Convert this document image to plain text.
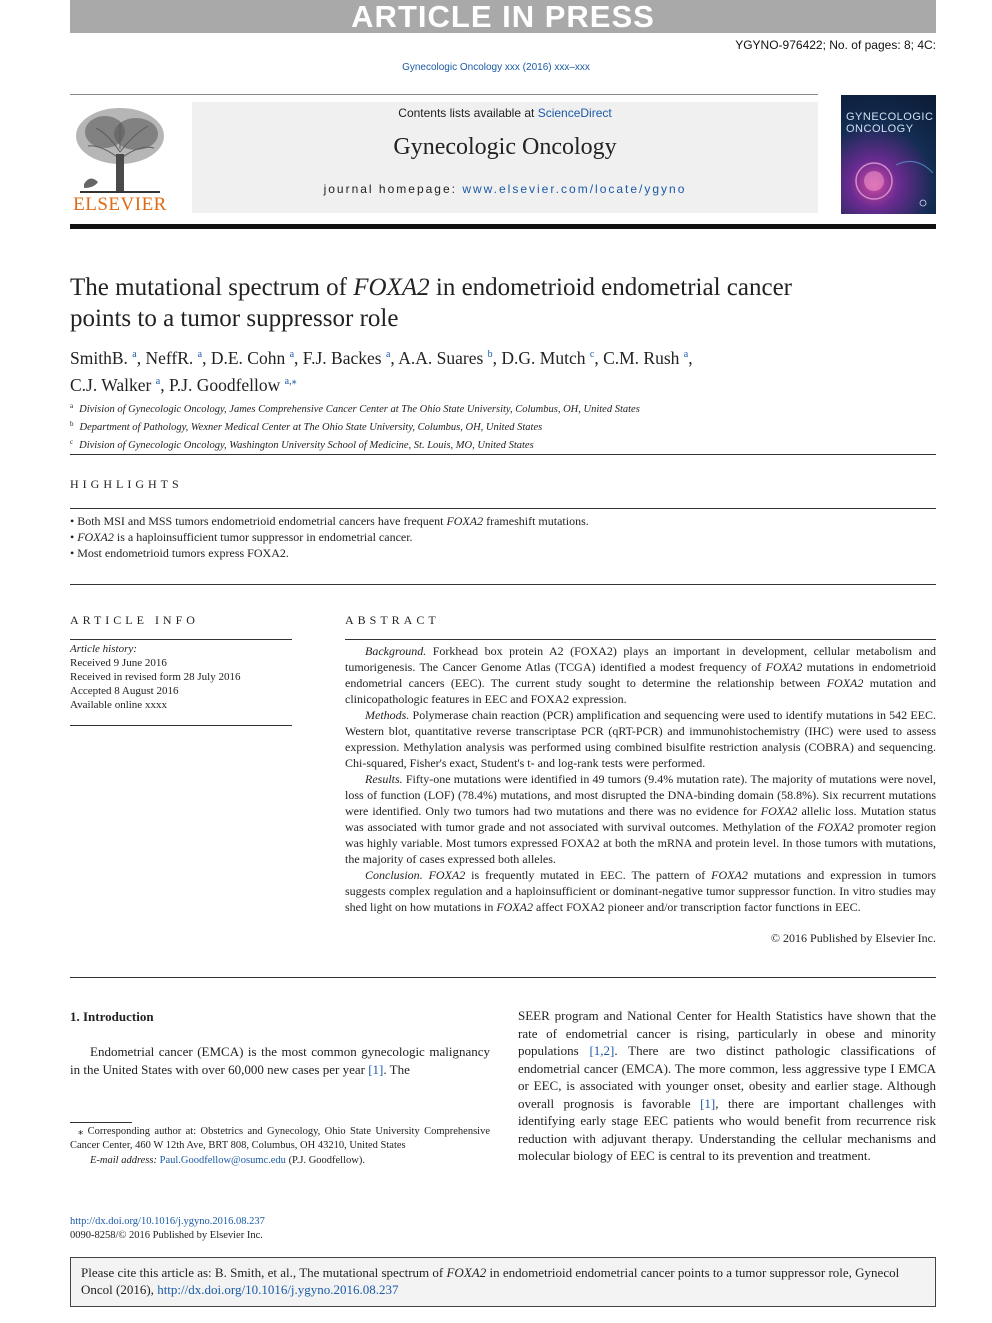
ARTICLE IN PRESS
YGYNO-976422; No. of pages: 8; 4C:
Gynecologic Oncology xxx (2016) xxx–xxx
ELSEVIER
Contents lists available at ScienceDirect
Gynecologic Oncology
journal homepage: www.elsevier.com/locate/ygyno
GYNECOLOGIC ONCOLOGY
The mutational spectrum of FOXA2 in endometrioid endometrial cancer points to a tumor suppressor role
SmithB. $^a$, NeffR. $^a$, D.E. Cohn $^a$, F.J. Backes $^a$, A.A. Suares $^b$, D.G. Mutch $^c$, C.M. Rush $^a$,
C.J. Walker $^a$, P.J. Goodfellow $^{a,⁎}$
$^a$ Division of Gynecologic Oncology, James Comprehensive Cancer Center at The Ohio State University, Columbus, OH, United States
$^b$ Department of Pathology, Wexner Medical Center at The Ohio State University, Columbus, OH, United States
$^c$ Division of Gynecologic Oncology, Washington University School of Medicine, St. Louis, MO, United States
HIGHLIGHTS
• Both MSI and MSS tumors endometrioid endometrial cancers have frequent FOXA2 frameshift mutations.
• FOXA2 is a haploinsufficient tumor suppressor in endometrial cancer.
• Most endometrioid tumors express FOXA2.
ARTICLE INFO
Article history:
Received 9 June 2016
Received in revised form 28 July 2016
Accepted 8 August 2016
Available online xxxx
ABSTRACT

Background. Forkhead box protein A2 (FOXA2) plays an important in development, cellular metabolism and tumorigenesis. The Cancer Genome Atlas (TCGA) identified a modest frequency of FOXA2 mutations in endometrioid endometrial cancers (EEC). The current study sought to determine the relationship between FOXA2 mutation and clinicopathologic features in EEC and FOXA2 expression.

Methods. Polymerase chain reaction (PCR) amplification and sequencing were used to identify mutations in 542 EEC. Western blot, quantitative reverse transcriptase PCR (qRT-PCR) and immunohistochemistry (IHC) were used to assess expression. Methylation analysis was performed using combined bisulfite restriction analysis (COBRA) and sequencing. Chi-squared, Fisher's exact, Student's t- and log-rank tests were performed.

Results. Fifty-one mutations were identified in 49 tumors (9.4% mutation rate). The majority of mutations were novel, loss of function (LOF) (78.4%) mutations, and most disrupted the DNA-binding domain (58.8%). Six recurrent mutations were identified. Only two tumors had two mutations and there was no evidence for FOXA2 allelic loss. Mutation status was associated with tumor grade and not associated with survival outcomes. Methylation of the FOXA2 promoter region was highly variable. Most tumors expressed FOXA2 at both the mRNA and protein level. In those tumors with mutations, the majority of cases expressed both alleles.

Conclusion. FOXA2 is frequently mutated in EEC. The pattern of FOXA2 mutations and expression in tumors suggests complex regulation and a haploinsufficient or dominant-negative tumor suppressor function. In vitro studies may shed light on how mutations in FOXA2 affect FOXA2 pioneer and/or transcription factor functions in EEC.

© 2016 Published by Elsevier Inc.
1. Introduction
Endometrial cancer (EMCA) is the most common gynecologic malignancy in the United States with over 60,000 new cases per year [1]. The
SEER program and National Center for Health Statistics have shown that the rate of endometrial cancer is rising, particularly in obese and minority populations [1,2]. There are two distinct pathologic classifications of endometrial cancer (EMCA). The more common, less aggressive type I EMCA or EEC, is associated with younger onset, obesity and earlier stage. Although overall prognosis is favorable [1], there are important challenges with identifying early stage EEC patients who would benefit from recurrence risk reduction with adjuvant therapy. Understanding the cellular mechanisms and molecular biology of EEC is central to its prevention and treatment.
⁎ Corresponding author at: Obstetrics and Gynecology, Ohio State University Comprehensive Cancer Center, 460 W 12th Ave, BRT 808, Columbus, OH 43210, United States
E-mail address: Paul.Goodfellow@osumc.edu (P.J. Goodfellow).
http://dx.doi.org/10.1016/j.ygyno.2016.08.237
0090-8258/© 2016 Published by Elsevier Inc.
Please cite this article as: B. Smith, et al., The mutational spectrum of FOXA2 in endometrioid endometrial cancer points to a tumor suppressor role, Gynecol Oncol (2016), http://dx.doi.org/10.1016/j.ygyno.2016.08.237
